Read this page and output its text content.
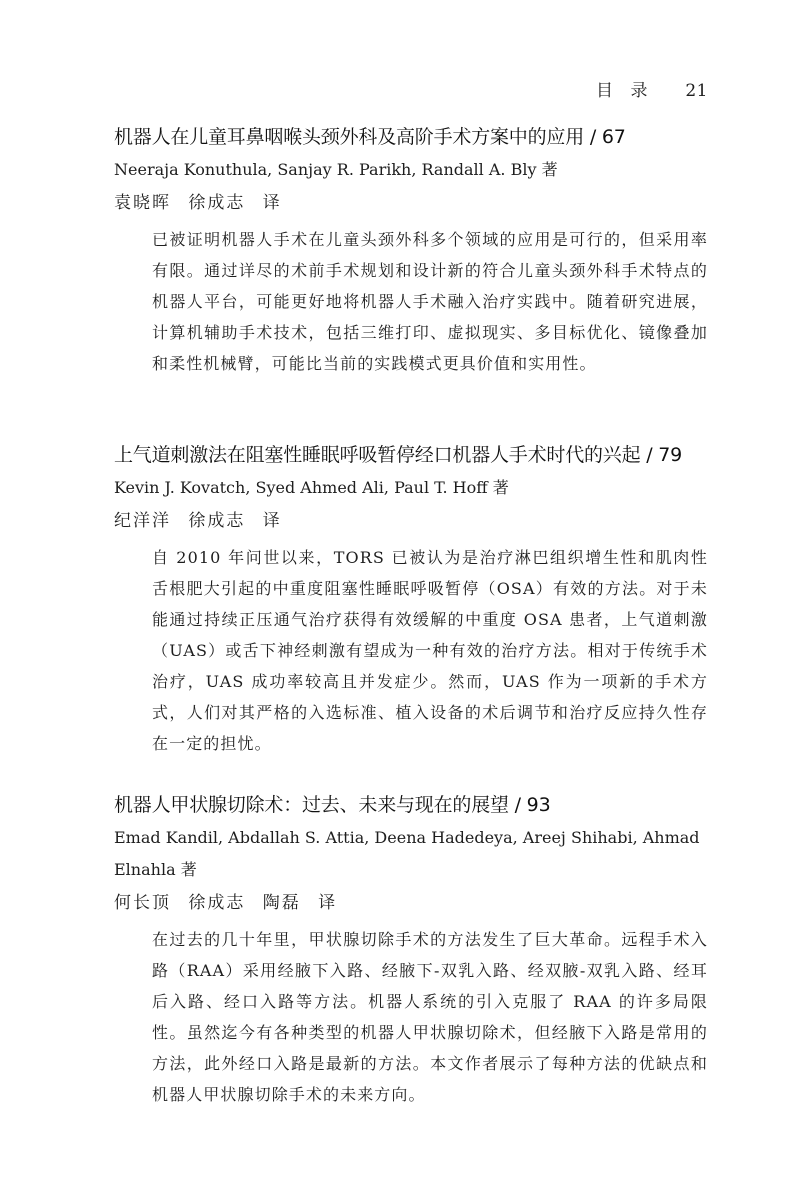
目 录 21
机器人在儿童耳鼻咽喉头颈外科及高阶手术方案中的应用 / 67
Neeraja Konuthula, Sanjay R. Parikh, Randall A. Bly 著
袁晓晖 徐成志 译
已被证明机器人手术在儿童头颈外科多个领域的应用是可行的，但采用率有限。通过详尽的术前手术规划和设计新的符合儿童头颈外科手术特点的机器人平台，可能更好地将机器人手术融入治疗实践中。随着研究进展，计算机辅助手术技术，包括三维打印、虚拟现实、多目标优化、镜像叠加和柔性机械臂，可能比当前的实践模式更具价值和实用性。
上气道刺激法在阻塞性睡眠呼吸暂停经口机器人手术时代的兴起 / 79
Kevin J. Kovatch, Syed Ahmed Ali, Paul T. Hoff 著
纪洋洋 徐成志 译
自 2010 年问世以来，TORS 已被认为是治疗淋巴组织增生性和肌肉性舌根肥大引起的中重度阻塞性睡眠呼吸暂停（OSA）有效的方法。对于未能通过持续正压通气治疗获得有效缓解的中重度 OSA 患者，上气道刺激（UAS）或舌下神经刺激有望成为一种有效的治疗方法。相对于传统手术治疗，UAS 成功率较高且并发症少。然而，UAS 作为一项新的手术方式，人们对其严格的入选标准、植入设备的术后调节和治疗反应持久性存在一定的担忧。
机器人甲状腺切除术：过去、未来与现在的展望 / 93
Emad Kandil, Abdallah S. Attia, Deena Hadedeya, Areej Shihabi, Ahmad Elnahla 著
何长顶 徐成志 陶磊 译
在过去的几十年里，甲状腺切除手术的方法发生了巨大革命。远程手术入路（RAA）采用经腋下入路、经腋下-双乳入路、经双腋-双乳入路、经耳后入路、经口入路等方法。机器人系统的引入克服了 RAA 的许多局限性。虽然迄今有各种类型的机器人甲状腺切除术，但经腋下入路是常用的方法，此外经口入路是最新的方法。本文作者展示了每种方法的优缺点和机器人甲状腺切除手术的未来方向。
